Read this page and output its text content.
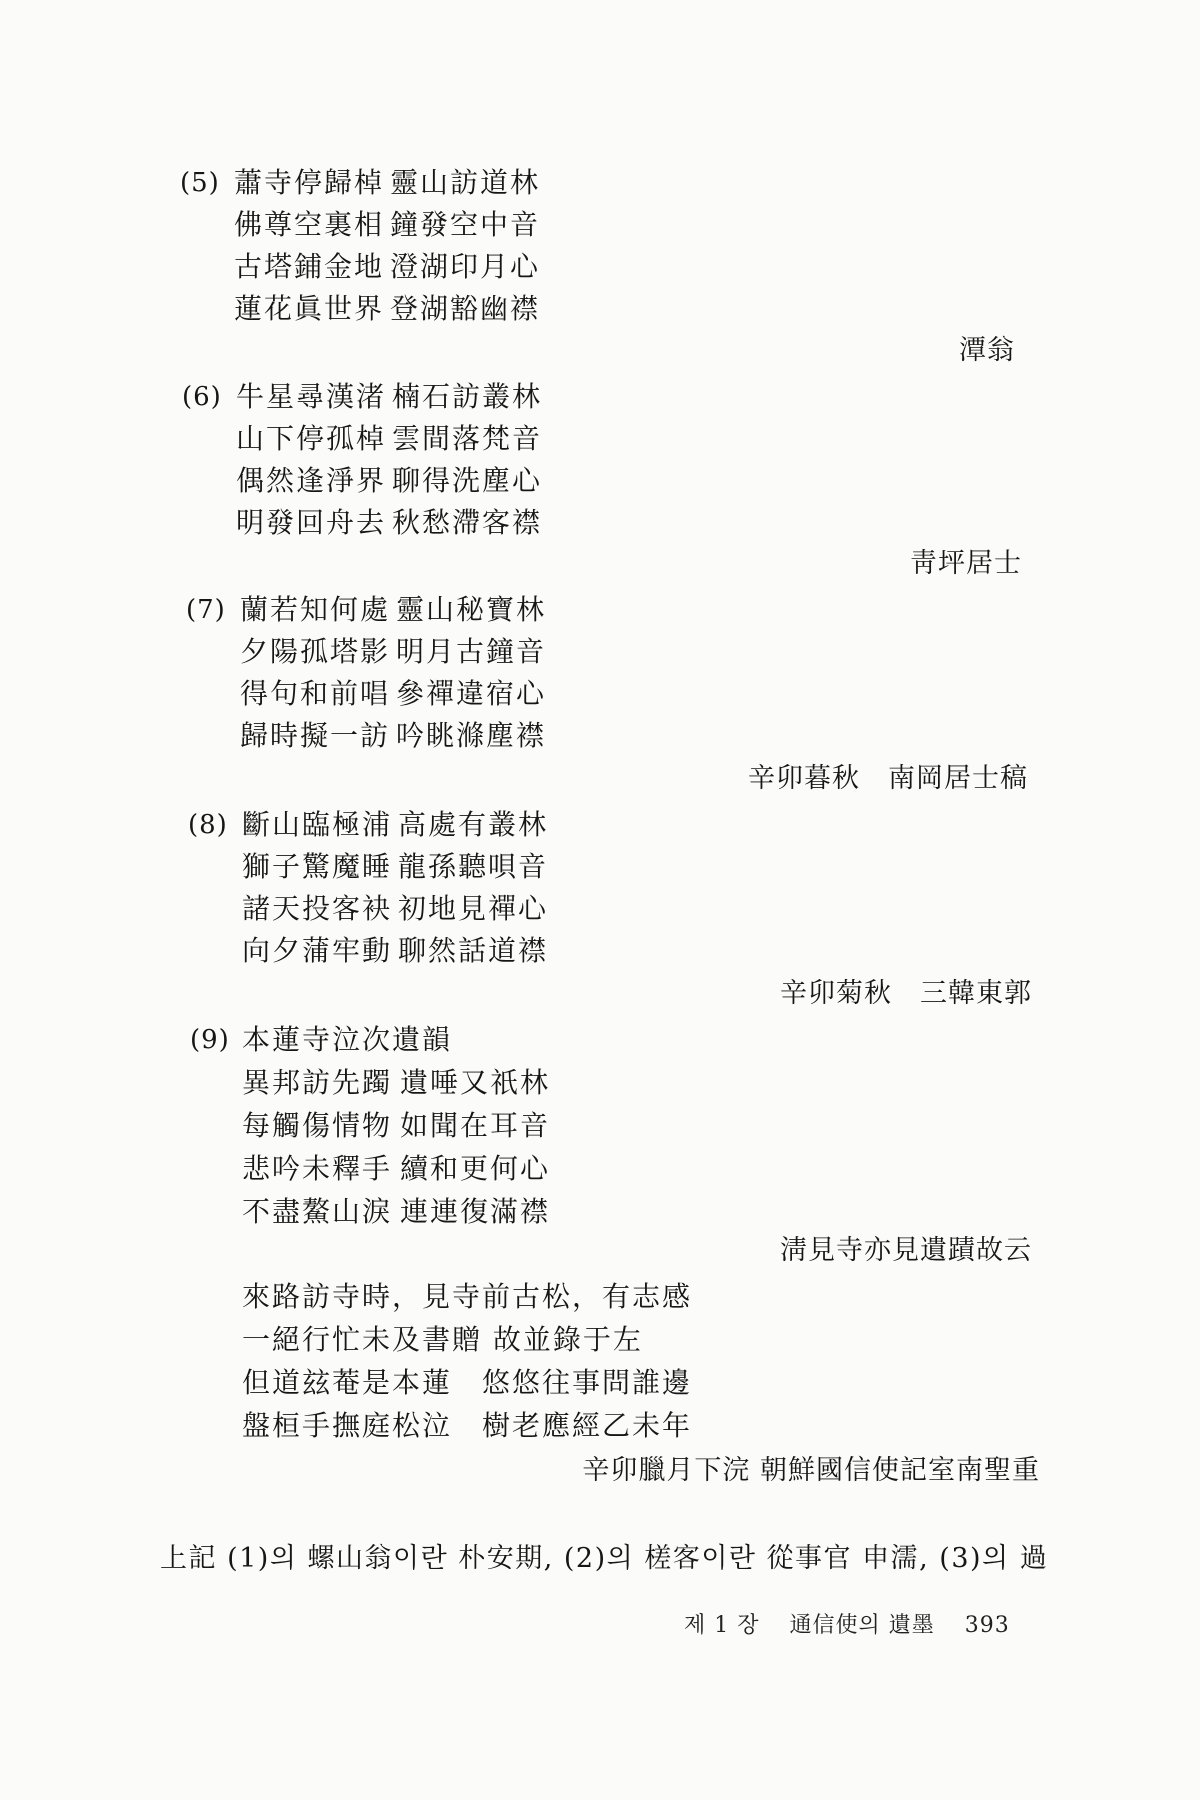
(5) 蕭寺停歸棹 靈山訪道林
佛尊空裏相 鐘發空中音
古塔鋪金地 澄湖印月心
蓮花眞世界 登湖豁幽襟
潭翁
(6) 牛星尋漢渚 楠石訪叢林
山下停孤棹 雲間落梵音
偶然逢淨界 聊得洗塵心
明發回舟去 秋愁滯客襟
靑坪居士
(7) 蘭若知何處 靈山秘寶林
夕陽孤塔影 明月古鐘音
得句和前唱 參禪違宿心
歸時擬一訪 吟眺滌塵襟
辛卯暮秋　南岡居士稿
(8) 斷山臨極浦 高處有叢林
獅子驚魔睡 龍孫聽唄音
諸天投客袂 初地見禪心
向夕蒲牢動 聊然話道襟
辛卯菊秋　三韓東郭
(9) 本蓮寺泣次遺韻
異邦訪先躅 遺唾又祇林
每觸傷情物 如聞在耳音
悲吟未釋手 續和更何心
不盡鰲山淚 連連復滿襟
淸見寺亦見遺蹟故云
來路訪寺時，見寺前古松，有志感
一絕行忙未及書贈 故並錄于左
但道玆菴是本蓮　悠悠往事問誰邊
盤桓手撫庭松泣　樹老應經乙未年
辛卯臘月下浣 朝鮮國信使記室南聖重
上記 (1)의 螺山翁이란 朴安期, (2)의 槎客이란 從事官 申濡, (3)의 過
제 1 장 通信使의 遺墨 393
